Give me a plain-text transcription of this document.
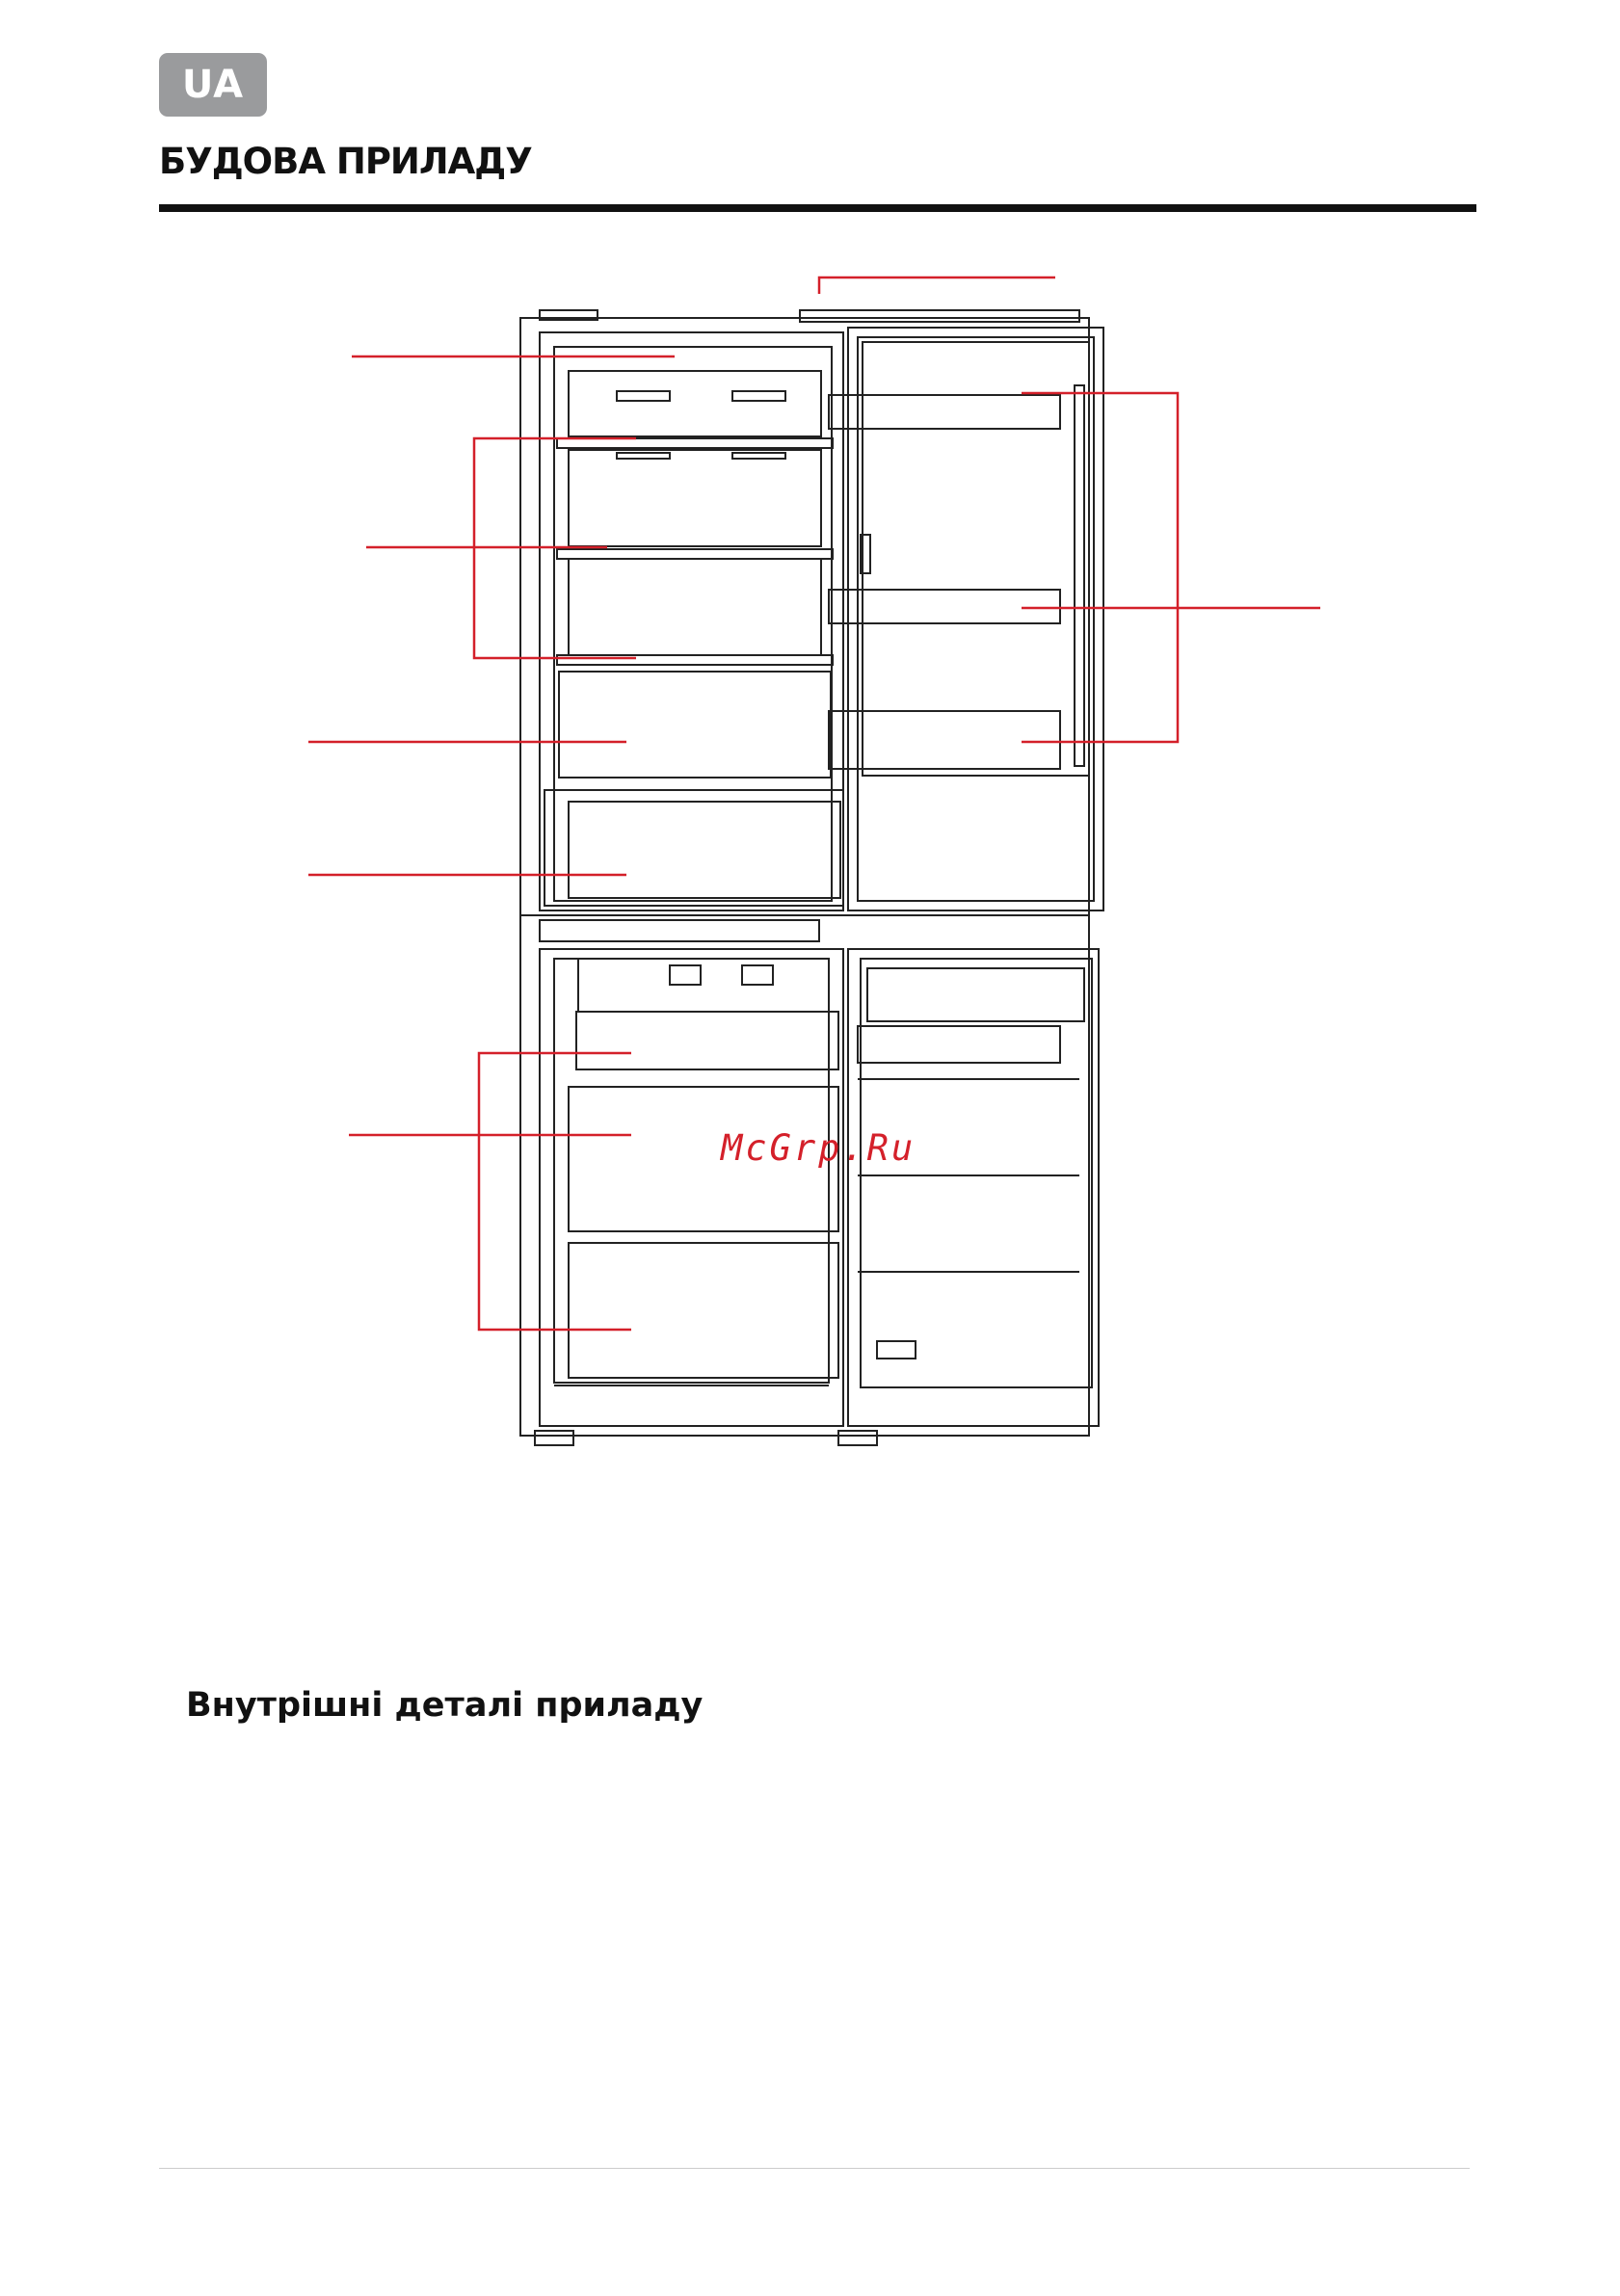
UA
БУДОВА ПРИЛАДУ
McGrp.Ru
Внутрішні деталі приладу
